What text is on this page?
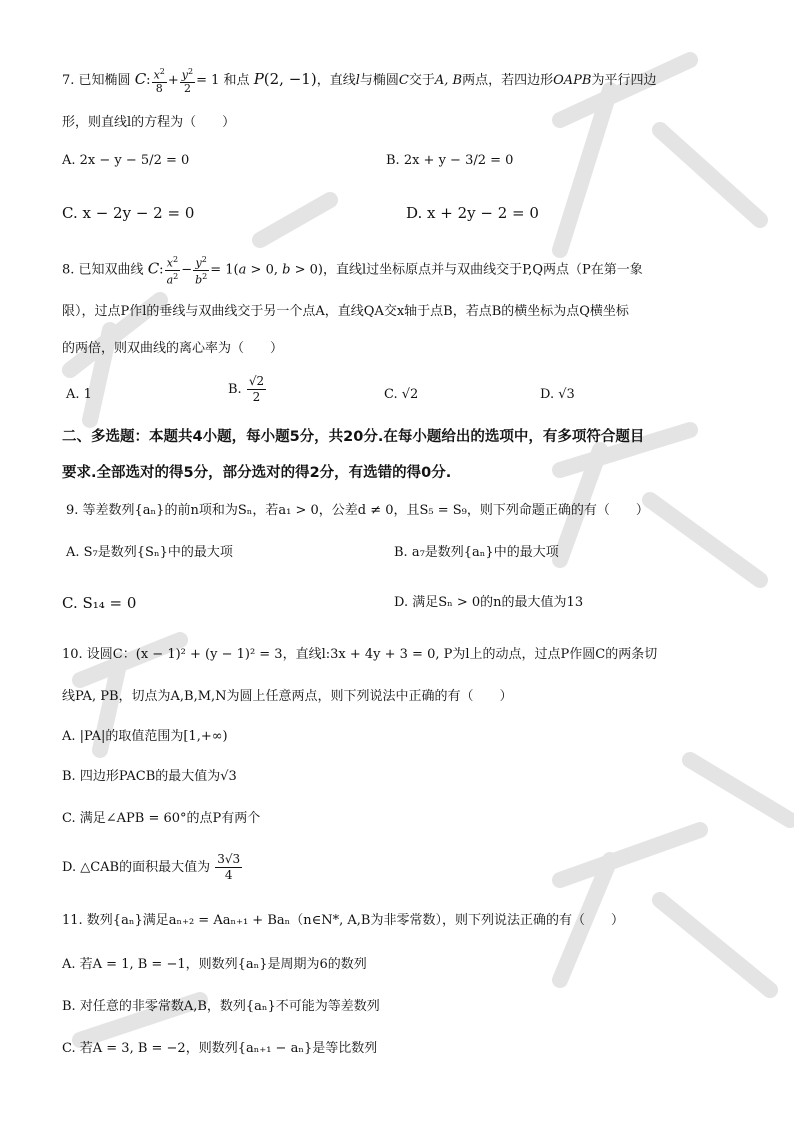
7. 已知椭圆 C: $\frac{x^2}{8} + \frac{y^2}{2} = 1$ 和点 P(2, −1)，直线l与椭圆C交于A, B两点，若四边形OAPB为平行四边
形，则直线l的方程为（　　）
A. 2x − y − 5/2 = 0	B. 2x + y − 3/2 = 0
C. x − 2y − 2 = 0	D. x + 2y − 2 = 0
8. 已知双曲线 C: $\frac{x^2}{a^2} - \frac{y^2}{b^2} = 1(a > 0$, b > 0)，直线l过坐标原点并与双曲线交于P,Q两点（P在第一象
限），过点P作l的垂线与双曲线交于另一个点A，直线QA交x轴于点B，若点B的横坐标为点Q横坐标
的两倍，则双曲线的离心率为（　　）
A. 1	B. $\frac{√2}{2}$	C. √2	D. √3
二、多选题：本题共4小题，每小题5分，共20分.在每小题给出的选项中，有多项符合题目
要求.全部选对的得5分，部分选对的得2分，有选错的得0分.
9. 等差数列{aₙ}的前n项和为Sₙ，若a₁ > 0，公差d ≠ 0，且S₅ = S₉，则下列命题正确的有（　　）
A. S₇是数列{Sₙ}中的最大项	B. a₇是数列{aₙ}中的最大项
C. S₁₄ = 0	D. 满足Sₙ > 0的n的最大值为13
10. 设圆C：(x − 1)² + (y − 1)² = 3，直线l:3x + 4y + 3 = 0, P为l上的动点，过点P作圆C的两条切
线PA, PB，切点为A,B,M,N为圆上任意两点，则下列说法中正确的有（　　）
A. |PA|的取值范围为[1,+∞)
B. 四边形PACB的最大值为√3
C. 满足∠APB = 60°的点P有两个
D. △CAB的面积最大值为 $\frac{3√3}{4}$
11. 数列{aₙ}满足aₙ₊₂ = Aaₙ₊₁ + Baₙ（n∈N*, A,B为非零常数），则下列说法正确的有（　　）
A. 若A = 1, B = −1，则数列{aₙ}是周期为6的数列
B. 对任意的非零常数A,B，数列{aₙ}不可能为等差数列
C. 若A = 3, B = −2，则数列{aₙ₊₁ − aₙ}是等比数列
